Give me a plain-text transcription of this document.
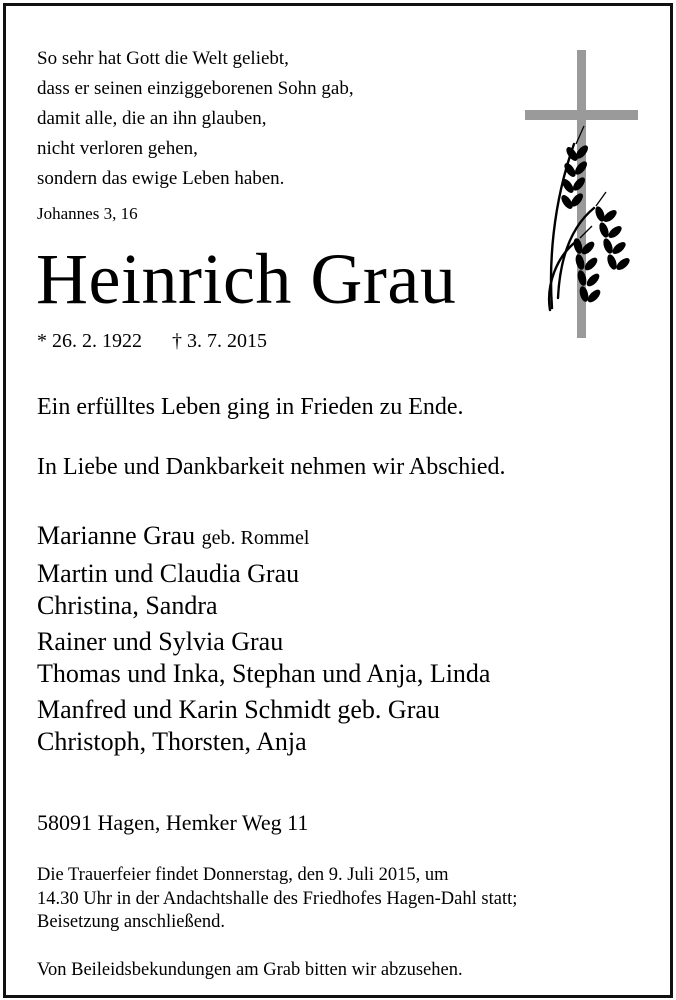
So sehr hat Gott die Welt geliebt,
dass er seinen einziggeborenen Sohn gab,
damit alle, die an ihn glauben,
nicht verloren gehen,
sondern das ewige Leben haben.
Johannes 3, 16
Heinrich Grau
* 26. 2. 1922 † 3. 7. 2015
Ein erfülltes Leben ging in Frieden zu Ende.
In Liebe und Dankbarkeit nehmen wir Abschied.
Marianne Grau geb. Rommel
Martin und Claudia Grau
Christina, Sandra
Rainer und Sylvia Grau
Thomas und Inka, Stephan und Anja, Linda
Manfred und Karin Schmidt geb. Grau
Christoph, Thorsten, Anja
58091 Hagen, Hemker Weg 11
Die Trauerfeier findet Donnerstag, den 9. Juli 2015, um
14.30 Uhr in der Andachtshalle des Friedhofes Hagen-Dahl statt;
Beisetzung anschließend.
Von Beileidsbekundungen am Grab bitten wir abzusehen.
